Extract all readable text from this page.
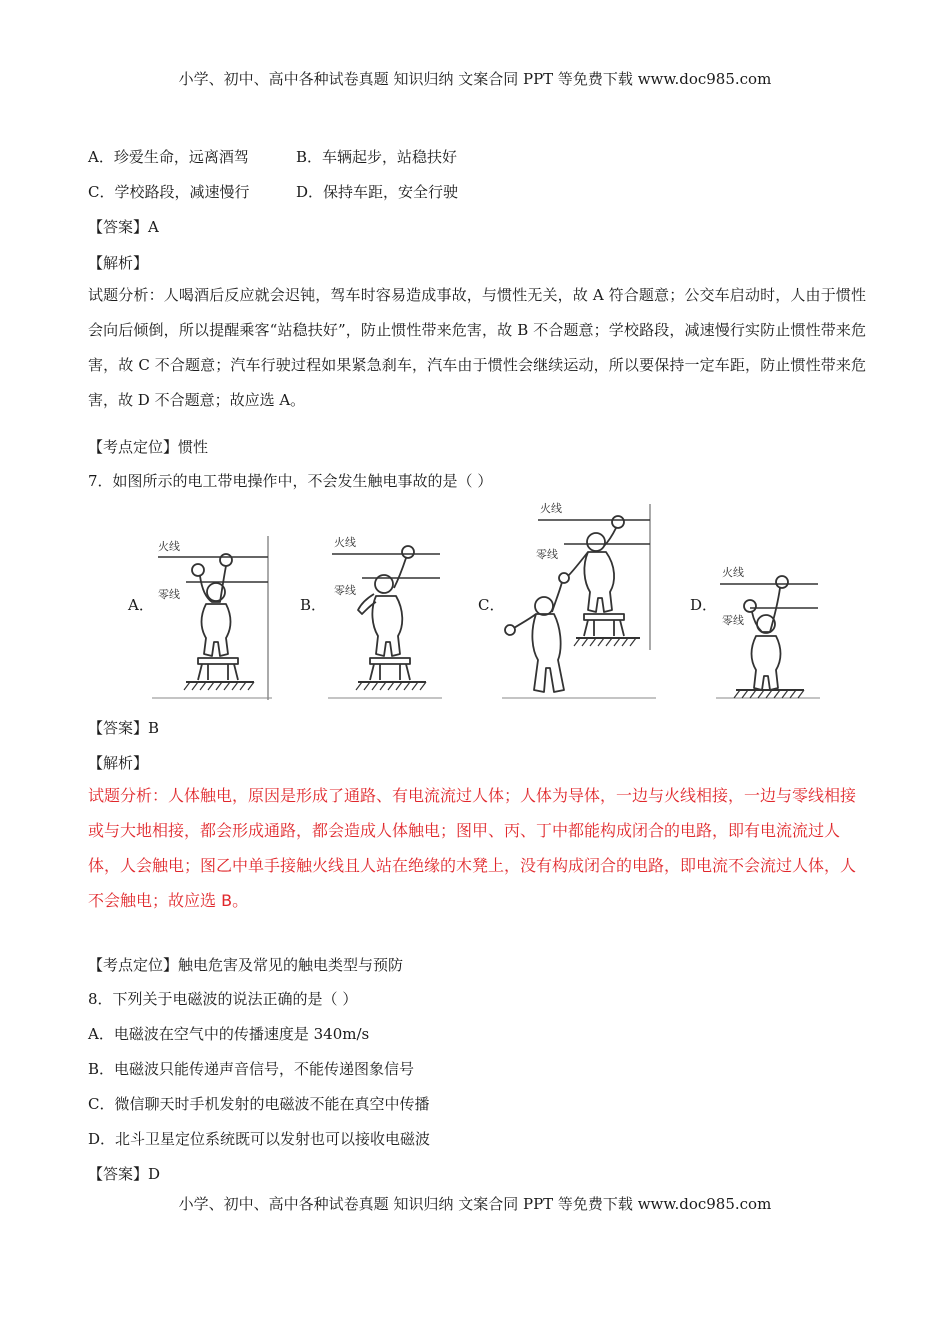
小学、初中、高中各种试卷真题 知识归纳 文案合同 PPT 等免费下载 www.doc985.com
A．珍爱生命，远离酒驾	B．车辆起步，站稳扶好
C．学校路段，减速慢行	D．保持车距，安全行驶
【答案】A
【解析】
试题分析：人喝酒后反应就会迟钝，驾车时容易造成事故，与惯性无关，故 A 符合题意；公交车启动时，人由于惯性会向后倾倒，所以提醒乘客“站稳扶好”，防止惯性带来危害，故 B 不合题意；学校路段，减速慢行实防止惯性带来危害，故 C 不合题意；汽车行驶过程如果紧急刹车，汽车由于惯性会继续运动，所以要保持一定车距，防止惯性带来危害，故 D 不合题意；故应选 A。
【考点定位】惯性
7．如图所示的电工带电操作中，不会发生触电事故的是（ ）
A．	B．	C．	D．
火线
零线
火线
零线
火线
零线
火线
零线
【答案】B
【解析】
试题分析：人体触电，原因是形成了通路、有电流流过人体；人体为导体，一边与火线相接，一边与零线相接或与大地相接，都会形成通路，都会造成人体触电；图甲、丙、丁中都能构成闭合的电路，即有电流流过人体，人会触电；图乙中单手接触火线且人站在绝缘的木凳上，没有构成闭合的电路，即电流不会流过人体，人不会触电；故应选 B。
【考点定位】触电危害及常见的触电类型与预防
8．下列关于电磁波的说法正确的是（ ）
A．电磁波在空气中的传播速度是 340m/s
B．电磁波只能传递声音信号，不能传递图象信号
C．微信聊天时手机发射的电磁波不能在真空中传播
D．北斗卫星定位系统既可以发射也可以接收电磁波
【答案】D
小学、初中、高中各种试卷真题 知识归纳 文案合同 PPT 等免费下载 www.doc985.com
